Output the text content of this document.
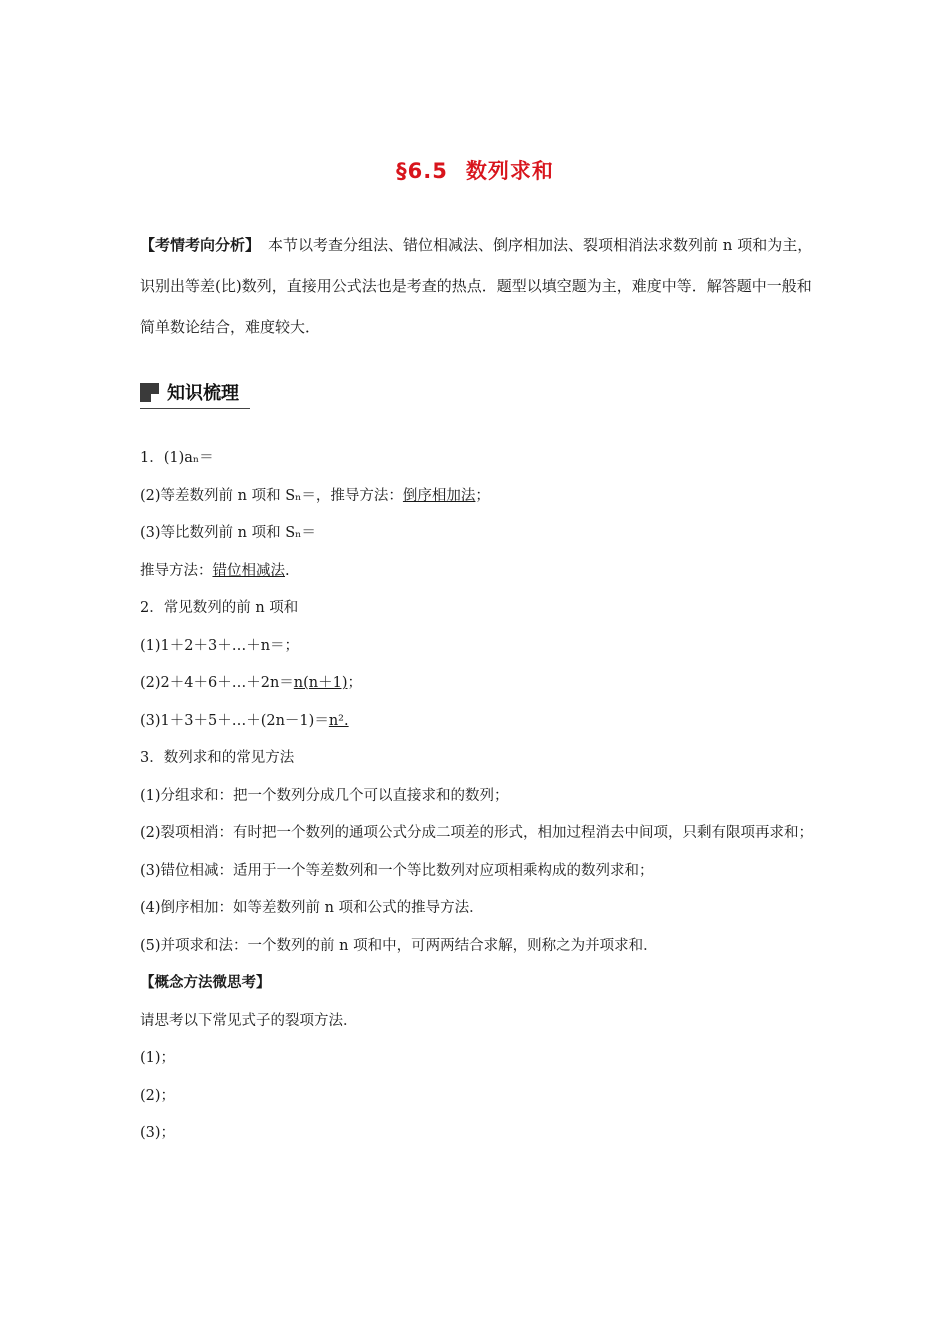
§6.5 数列求和
【考情考向分析】 本节以考查分组法、错位相减法、倒序相加法、裂项相消法求数列前 n 项和为主，识别出等差(比)数列，直接用公式法也是考查的热点．题型以填空题为主，难度中等．解答题中一般和简单数论结合，难度较大．
知识梳理
1．(1)aₙ＝
(2)等差数列前 n 项和 Sₙ＝，推导方法：倒序相加法；
(3)等比数列前 n 项和 Sₙ＝
推导方法：错位相减法.
2．常见数列的前 n 项和
(1)1＋2＋3＋…＋n＝；
(2)2＋4＋6＋…＋2n＝n(n＋1)；
(3)1＋3＋5＋…＋(2n－1)＝n².
3．数列求和的常见方法
(1)分组求和：把一个数列分成几个可以直接求和的数列；
(2)裂项相消：有时把一个数列的通项公式分成二项差的形式，相加过程消去中间项，只剩有限项再求和；
(3)错位相减：适用于一个等差数列和一个等比数列对应项相乘构成的数列求和；
(4)倒序相加：如等差数列前 n 项和公式的推导方法．
(5)并项求和法：一个数列的前 n 项和中，可两两结合求解，则称之为并项求和．
【概念方法微思考】
请思考以下常见式子的裂项方法．
(1)；
(2)；
(3)；
